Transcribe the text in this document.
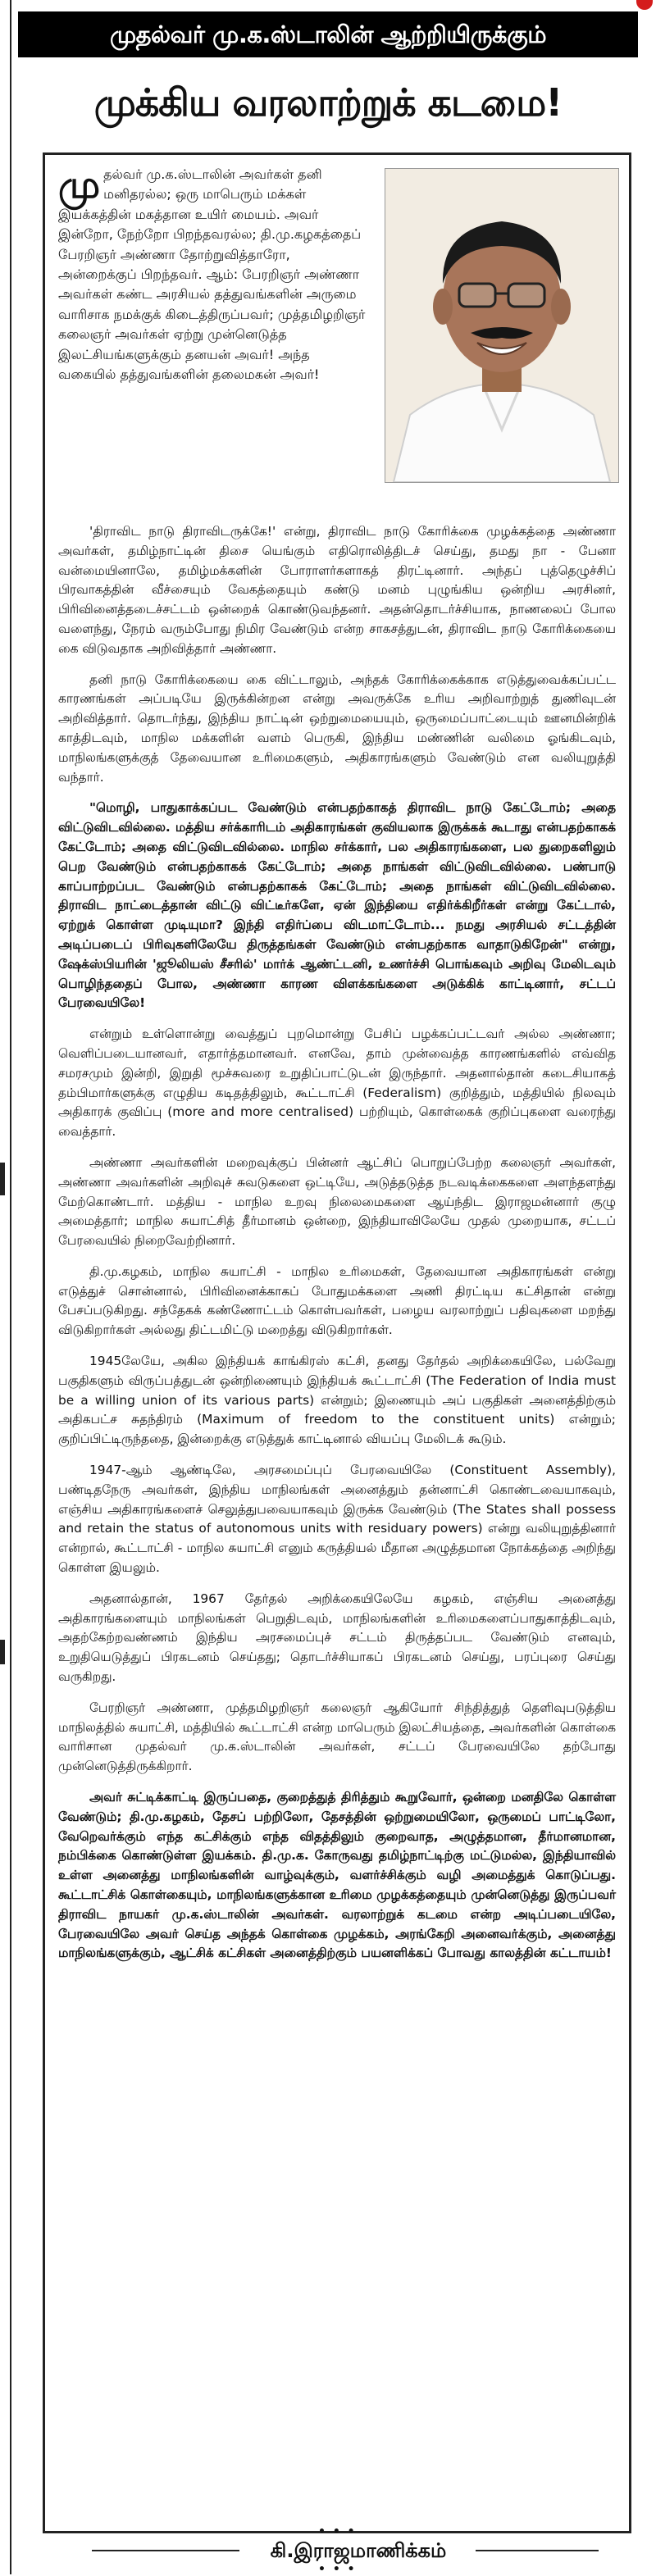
முதல்வர் மு.க.ஸ்டாலின் ஆற்றியிருக்கும்
முக்கிய வரலாற்றுக் கடமை!

முதல்வர் மு.க.ஸ்டாலின் அவர்கள் தனி மனிதரல்ல; ஒரு மாபெரும் மக்கள் இயக்கத்தின் மகத்தான உயிர் மையம். அவர் இன்றோ, நேற்றோ பிறந்தவரல்ல; தி.மு.கழகத்தைப் பேரறிஞர் அண்ணா தோற்றுவித்தாரோ, அன்றைக்குப் பிறந்தவர். ஆம்: பேரறிஞர் அண்ணா அவர்கள் கண்ட அரசியல் தத்துவங்களின் அருமை வாரிசாக நமக்குக் கிடைத்திருப்பவர்; முத்தமிழறிஞர் கலைஞர் அவர்கள் ஏற்று முன்னெடுத்த இலட்சியங்களுக்கும் தனயன் அவர்! அந்த வகையில் தத்துவங்களின் தலைமகன் அவர்!

'திராவிட நாடு திராவிடருக்கே!' என்று, திராவிட நாடு கோரிக்கை முழக்கத்தை அண்ணா அவர்கள், தமிழ்நாட்டின் திசை யெங்கும் எதிரொலித்திடச் செய்து, தமது நா - பேனா வன்மையினாலே, தமிழ்மக்களின் போராளர்களாகத் திரட்டினார். அந்தப் புத்தெழுச்சிப் பிரவாகத்தின் வீச்சையும் வேகத்தையும் கண்டு மனம் புழுங்கிய ஒன்றிய அரசினர், பிரிவினைத்தடைச்சட்டம் ஒன்றைக் கொண்டுவந்தனர். அதன்தொடர்ச்சியாக, நாணலைப் போல வளைந்து, நேரம் வரும்போது நிமிர வேண்டும் என்ற சாகசத்துடன், திராவிட நாடு கோரிக்கையை கை விடுவதாக அறிவித்தார் அண்ணா.

தனி நாடு கோரிக்கையை கை விட்டாலும், அந்தக் கோரிக்கைக்காக எடுத்துவைக்கப்பட்ட காரணங்கள் அப்படியே இருக்கின்றன என்று அவருக்கே உரிய அறிவாற்றுத் துணிவுடன் அறிவித்தார். தொடர்ந்து, இந்திய நாட்டின் ஒற்றுமையையும், ஒருமைப்பாட்டையும் ஊனமின்றிக் காத்திடவும், மாநில மக்களின் வளம் பெருகி, இந்திய மண்ணின் வலிமை ஓங்கிடவும், மாநிலங்களுக்குத் தேவையான உரிமைகளும், அதிகாரங்களும் வேண்டும் என வலியுறுத்தி வந்தார்.

"மொழி, பாதுகாக்கப்பட வேண்டும் என்பதற்காகத் திராவிட நாடு கேட்டோம்; அதை விட்டுவிடவில்லை. மத்திய சர்க்காரிடம் அதிகாரங்கள் குவியலாக இருக்கக் கூடாது என்பதற்காகக் கேட்டோம்; அதை விட்டுவிடவில்லை. மாநில சர்க்கார், பல அதிகாரங்களை, பல துறைகளிலும் பெற வேண்டும் என்பதற்காகக் கேட்டோம்; அதை நாங்கள் விட்டுவிடவில்லை. பண்பாடு காப்பாற்றப்பட வேண்டும் என்பதற்காகக் கேட்டோம்; அதை நாங்கள் விட்டுவிடவில்லை. திராவிட நாட்டைத்தான் விட்டு விட்டீர்களே, ஏன் இந்தியை எதிர்க்கிறீர்கள் என்று கேட்டால், ஏற்றுக் கொள்ள முடியுமா? இந்தி எதிர்ப்பை விடமாட்டோம்... நமது அரசியல் சட்டத்தின் அடிப்படைப் பிரிவுகளிலேயே திருத்தங்கள் வேண்டும் என்பதற்காக வாதாடுகிறேன்" என்று, ஷேக்ஸ்பியரின் 'ஜூலியஸ் சீசரில்' மார்க் ஆண்ட்டனி, உணர்ச்சி பொங்கவும் அறிவு மேலிடவும் பொழிந்ததைப் போல, அண்ணா காரண விளக்கங்களை அடுக்கிக் காட்டினார், சட்டப் பேரவையிலே!

என்றும் உள்ளொன்று வைத்துப் புறமொன்று பேசிப் பழக்கப்பட்டவர் அல்ல அண்ணா; வெளிப்படையானவர், எதார்த்தமானவர். எனவே, தாம் முன்வைத்த காரணங்களில் எவ்வித சமரசமும் இன்றி, இறுதி மூச்சுவரை உறுதிப்பாட்டுடன் இருந்தார். அதனால்தான் கடைசியாகத் தம்பிமார்களுக்கு எழுதிய கடிதத்திலும், கூட்டாட்சி (Federalism) குறித்தும், மத்தியில் நிலவும் அதிகாரக் குவிப்பு (more and more centralised) பற்றியும், கொள்கைக் குறிப்புகளை வரைந்து வைத்தார்.

அண்ணா அவர்களின் மறைவுக்குப் பின்னர் ஆட்சிப் பொறுப்பேற்ற கலைஞர் அவர்கள், அண்ணா அவர்களின் அறிவுச் சுவடுகளை ஒட்டியே, அடுத்தடுத்த நடவடிக்கைகளை அளந்தளந்து மேற்கொண்டார். மத்திய - மாநில உறவு நிலைமைகளை ஆய்ந்திட இராஜமன்னார் குழு அமைத்தார்; மாநில சுயாட்சித் தீர்மானம் ஒன்றை, இந்தியாவிலேயே முதல் முறையாக, சட்டப் பேரவையில் நிறைவேற்றினார்.

தி.மு.கழகம், மாநில சுயாட்சி - மாநில உரிமைகள், தேவையான அதிகாரங்கள் என்று எடுத்துச் சொன்னால், பிரிவினைக்காகப் போதுமக்களை அணி திரட்டிய கட்சிதான் என்று பேசப்படுகிறது. சந்தேகக் கண்ணோட்டம் கொள்பவர்கள், பழைய வரலாற்றுப் பதிவுகளை மறந்து விடுகிறார்கள் அல்லது திட்டமிட்டு மறைத்து விடுகிறார்கள்.

1945லேயே, அகில இந்தியக் காங்கிரஸ் கட்சி, தனது தேர்தல் அறிக்கையிலே, பல்வேறு பகுதிகளும் விருப்பத்துடன் ஒன்றிணையும் இந்தியக் கூட்டாட்சி (The Federation of India must be a willing union of its various parts) என்றும்; இணையும் அப் பகுதிகள் அனைத்திற்கும் அதிகபட்ச சுதந்திரம் (Maximum of freedom to the constituent units) என்றும்; குறிப்பிட்டிருந்ததை, இன்றைக்கு எடுத்துக் காட்டினால் வியப்பு மேலிடக் கூடும்.

1947-ஆம் ஆண்டிலே, அரசமைப்புப் பேரவையிலே (Constituent Assembly), பண்டிதநேரு அவர்கள், இந்திய மாநிலங்கள் அனைத்தும் தன்னாட்சி கொண்டவையாகவும், எஞ்சிய அதிகாரங்களைச் செலுத்துபவையாகவும் இருக்க வேண்டும் (The States shall possess and retain the status of autonomous units with residuary powers) என்று வலியுறுத்தினார் என்றால், கூட்டாட்சி - மாநில சுயாட்சி எனும் கருத்தியல் மீதான அழுத்தமான நோக்கத்தை அறிந்து கொள்ள இயலும்.

அதனால்தான், 1967 தேர்தல் அறிக்கையிலேயே கழகம், எஞ்சிய அனைத்து அதிகாரங்களையும் மாநிலங்கள் பெறுதிடவும், மாநிலங்களின் உரிமைகளைப்பாதுகாத்திடவும், அதற்கேற்றவண்ணம் இந்திய அரசமைப்புச் சட்டம் திருத்தப்பட வேண்டும் எனவும், உறுதியெடுத்துப் பிரகடனம் செய்தது; தொடர்ச்சியாகப் பிரகடனம் செய்து, பரப்புரை செய்து வருகிறது.

பேரறிஞர் அண்ணா, முத்தமிழறிஞர் கலைஞர் ஆகியோர் சிந்தித்துத் தெளிவுபடுத்திய மாநிலத்தில் சுயாட்சி, மத்தியில் கூட்டாட்சி என்ற மாபெரும் இலட்சியத்தை, அவர்களின் கொள்கை வாரிசான முதல்வர் மு.க.ஸ்டாலின் அவர்கள், சட்டப் பேரவையிலே தற்போது முன்னெடுத்திருக்கிறார்.

அவர் சுட்டிக்காட்டி இருப்பதை, குறைத்துத் திரித்தும் கூறுவோர், ஒன்றை மனதிலே கொள்ள வேண்டும்; தி.மு.கழகம், தேசப் பற்றிலோ, தேசத்தின் ஒற்றுமையிலோ, ஒருமைப் பாட்டிலோ, வேறெவர்க்கும் எந்த கட்சிக்கும் எந்த விதத்திலும் குறைவாத, அழுத்தமான, தீர்மானமான, நம்பிக்கை கொண்டுள்ள இயக்கம். தி.மு.க. கோருவது தமிழ்நாட்டிற்கு மட்டுமல்ல, இந்தியாவில் உள்ள அனைத்து மாநிலங்களின் வாழ்வுக்கும், வளர்ச்சிக்கும் வழி அமைத்துக் கொடுப்பது. கூட்டாட்சிக் கொள்கையும், மாநிலங்களுக்கான உரிமை முழக்கத்தையும் முன்னெடுத்து இருப்பவர் திராவிட நாயகர் மு.க.ஸ்டாலின் அவர்கள். வரலாற்றுக் கடமை என்ற அடிப்படையிலே, பேரவையிலே அவர் செய்த அந்தக் கொள்கை முழக்கம், அரங்கேறி அனைவர்க்கும், அனைத்து மாநிலங்களுக்கும், ஆட்சிக் கட்சிகள் அனைத்திற்கும் பயனளிக்கப் போவது காலத்தின் கட்டாயம்!

• • •
கி.இராஜமாணிக்கம்
• • •
